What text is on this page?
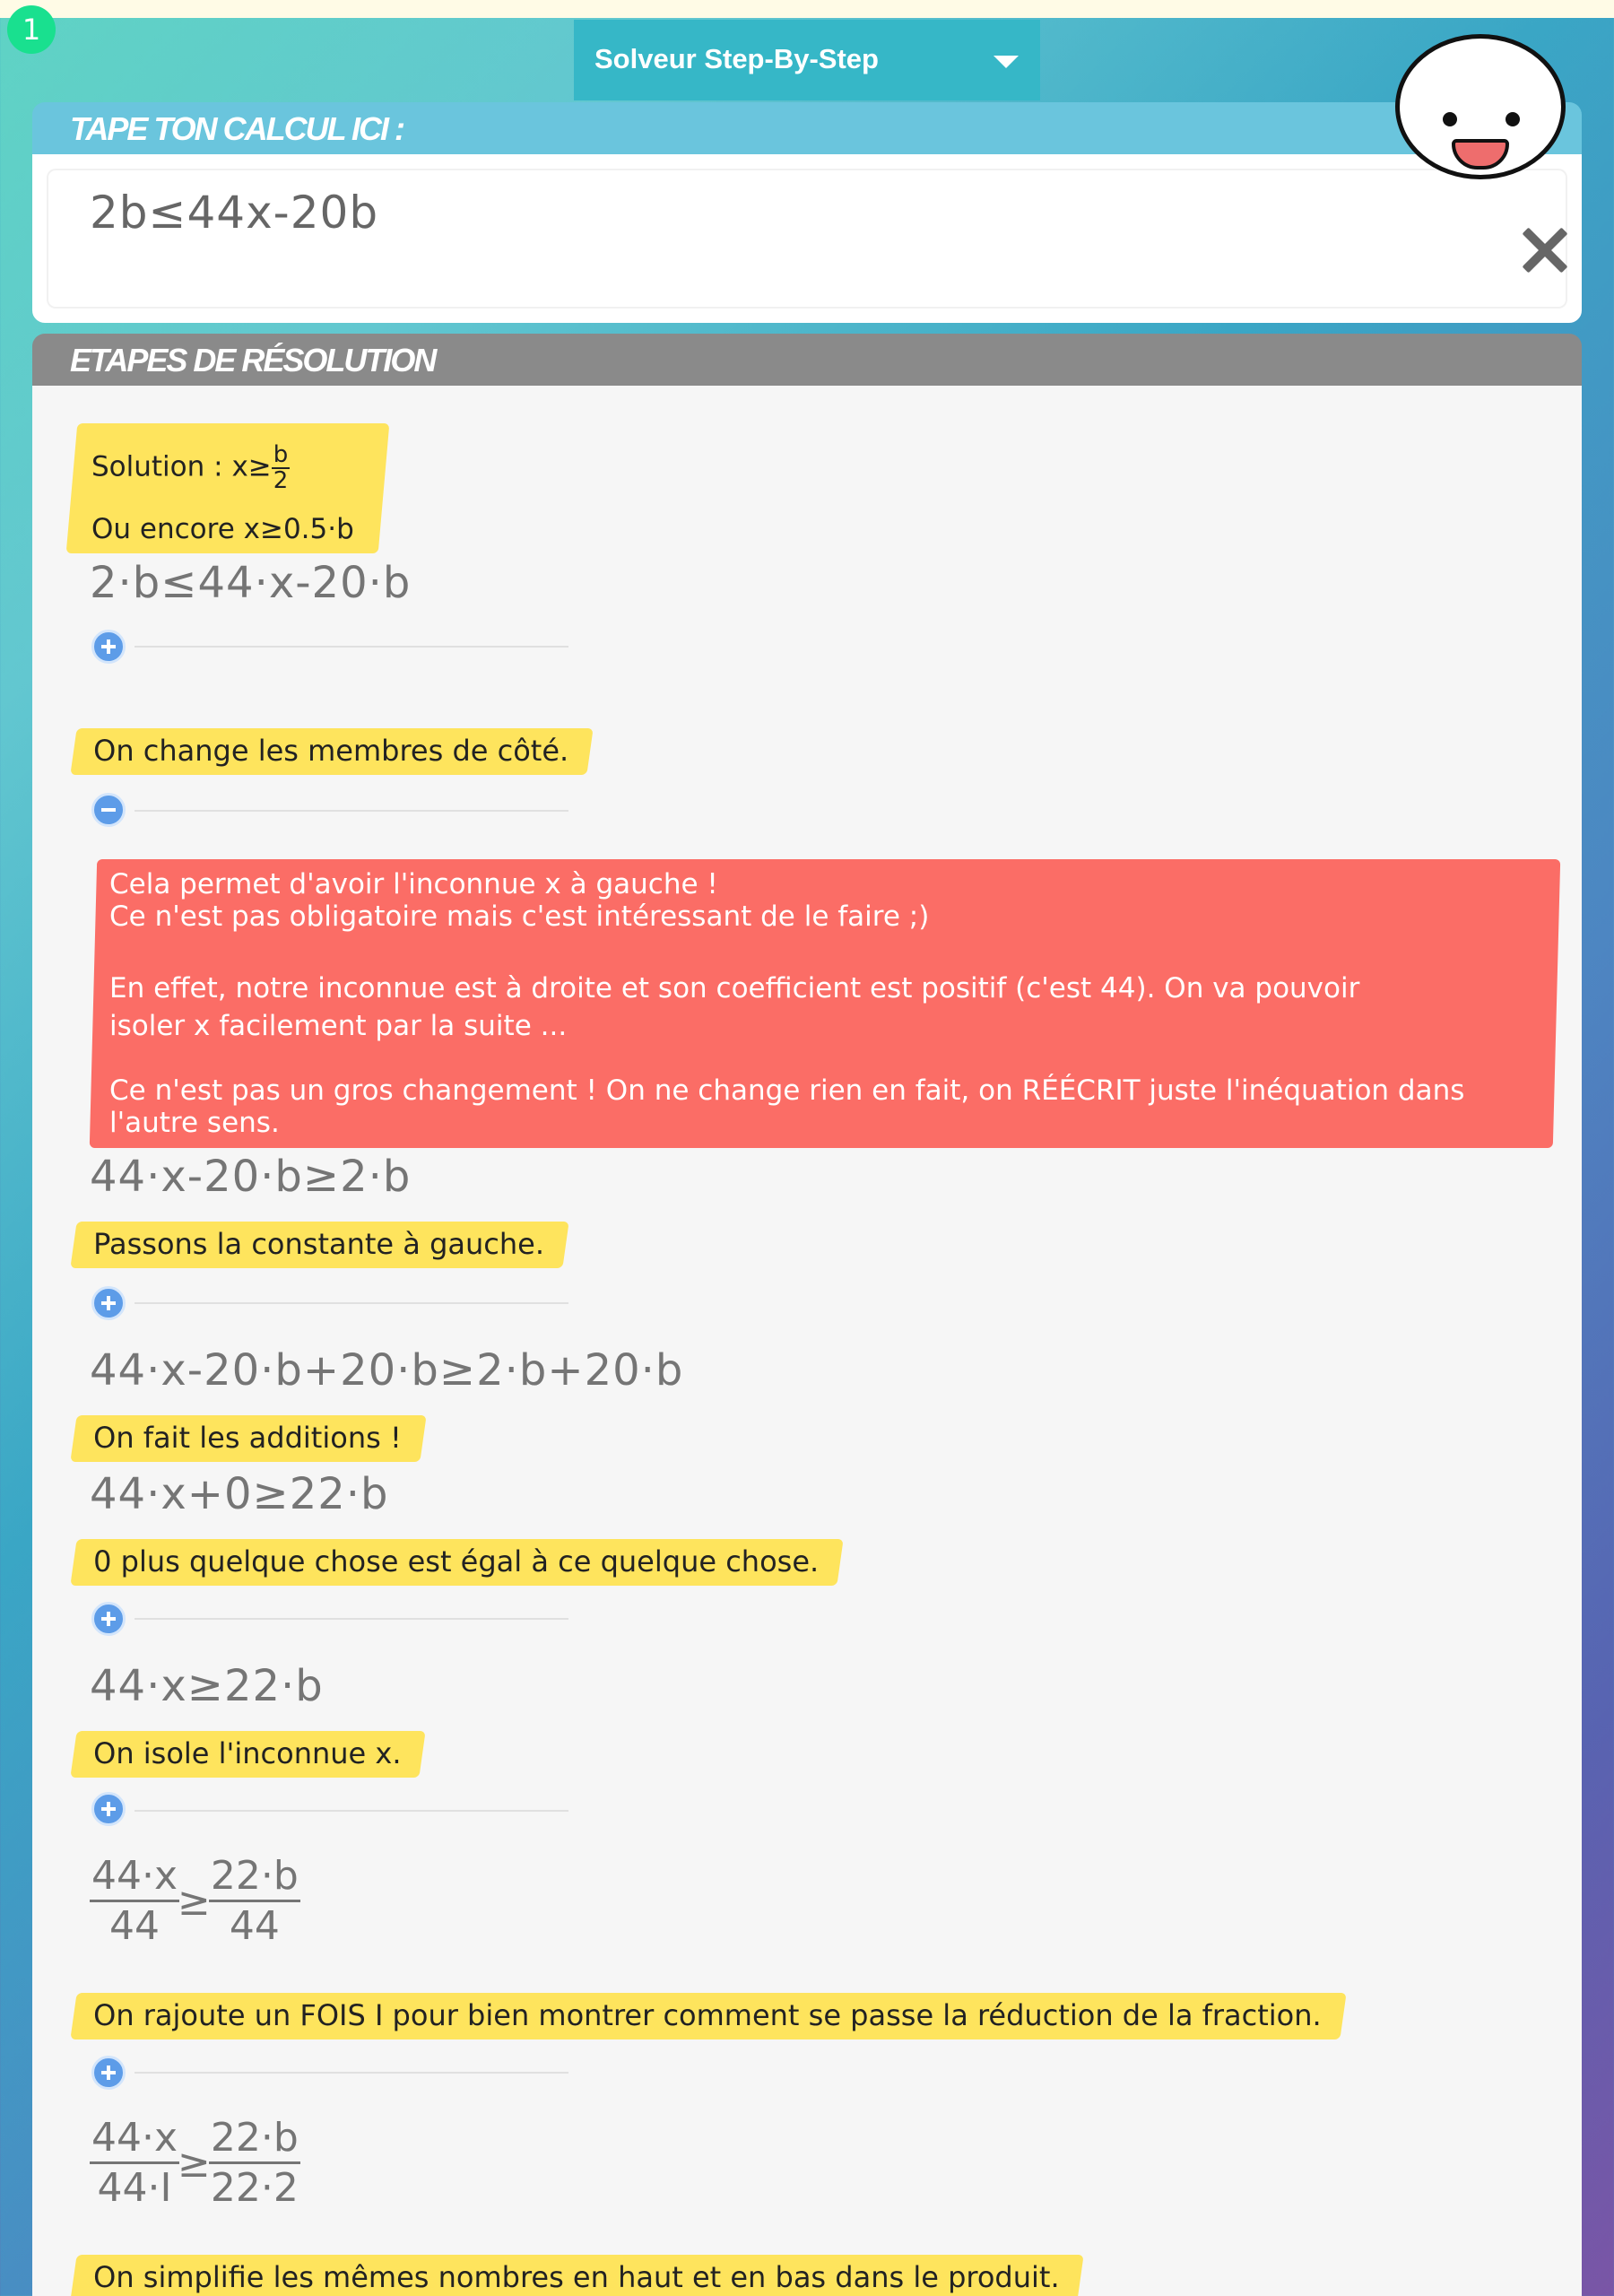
1
Solveur Step-By-Step
TAPE TON CALCUL ICI :
2b≤44x-20b
ETAPES DE RÉSOLUTION
Solution : $x\ge \frac{b}{2}$
Ou encore x≥0.5·b
2·b≤44·x-20·b
On change les membres de côté.
Cela permet d'avoir l'inconnue x à gauche !
Ce n'est pas obligatoire mais c'est intéressant de le faire ;)
En effet, notre inconnue est à droite et son coefficient est positif (c'est 44). On va pouvoir
isoler x facilement par la suite ...
Ce n'est pas un gros changement ! On ne change rien en fait, on RÉÉCRIT juste l'inéquation dans
l'autre sens.
44·x-20·b≥2·b
Passons la constante à gauche.
44·x-20·b+20·b≥2·b+20·b
On fait les additions !
44·x+0≥22·b
0 plus quelque chose est égal à ce quelque chose.
44·x≥22·b
On isole l'inconnue x.
$\frac{44\cdot x}{44}$
≥
$\frac{22\cdot b}{44}$
On rajoute un FOIS I pour bien montrer comment se passe la réduction de la fraction.
$\frac{44\cdot x}{44\cdot I}$
≥
$\frac{22\cdot b}{22\cdot 2}$
On simplifie les mêmes nombres en haut et en bas dans le produit.
